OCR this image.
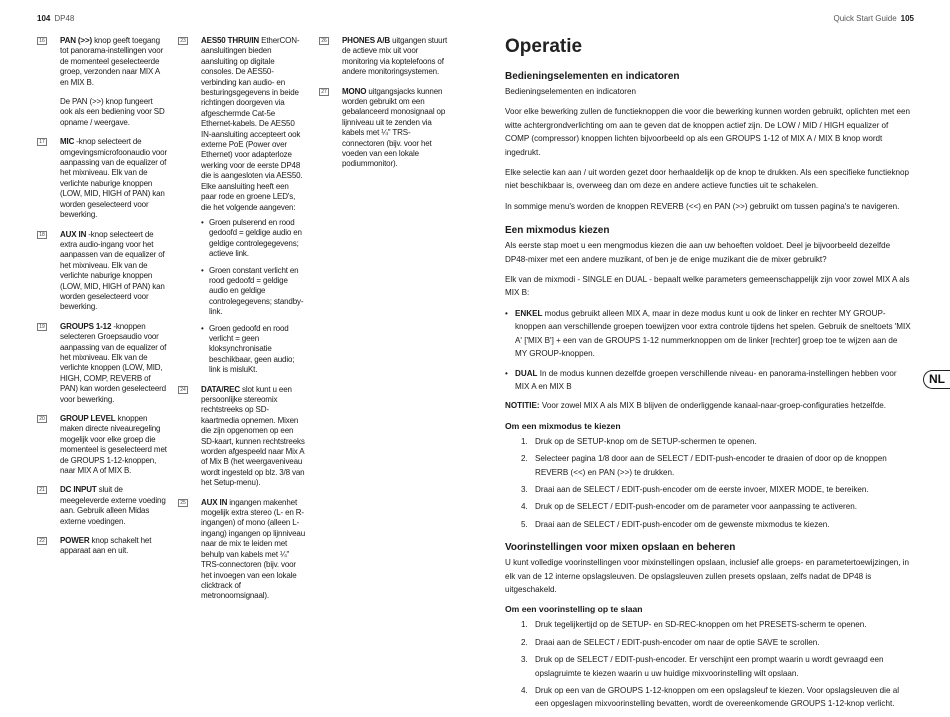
104 DP48	Quick Start Guide 105
16 PAN (>>) knop geeft toegang tot panorama-instellingen voor de momenteel geselecteerde groep, verzonden naar MIX A en MIX B.
De PAN (>>) knop fungeert ook als een bediening voor SD opname / weergave.
17 MIC -knop selecteert de omgevingsmicrofoonaudio voor aanpassing van de equalizer of het mixniveau. Elk van de verlichte naburige knoppen (LOW, MID, HIGH of PAN) kan worden geselecteerd voor bewerking.
18 AUX IN -knop selecteert de extra audio-ingang voor het aanpassen van de equalizer of het mixniveau. Elk van de verlichte naburige knoppen (LOW, MID, HIGH of PAN) kan worden geselecteerd voor bewerking.
19 GROUPS 1-12 -knoppen selecteren Groepsaudio voor aanpassing van de equalizer of het mixniveau. Elk van de verlichte knoppen (LOW, MID, HIGH, COMP, REVERB of PAN) kan worden geselecteerd voor bewerking.
20 GROUP LEVEL knoppen maken directe niveauregeling mogelijk voor elke groep die momenteel is geselecteerd met de GROUPS 1-12-knoppen, naar MIX A of MIX B.
21 DC INPUT sluit de meegeleverde externe voeding aan. Gebruik alleen Midas externe voedingen.
22 POWER knop schakelt het apparaat aan en uit.
23 AES50 THRU/IN EtherCON-aansluitingen bieden aansluiting op digitale consoles. De AES50-verbinding kan audio- en besturingsgegevens in beide richtingen doorgeven via afgeschermde Cat-5e Ethernet-kabels. De AES50 IN-aansluiting accepteert ook externe PoE (Power over Ethernet) voor adapterloze werking voor de eerste DP48 die is aangesloten via AES50. Elke aansluiting heeft een paar rode en groene LED's, die het volgende aangeven:
• Groen pulserend en rood gedoofd = geldige audio en geldige controlegegevens; actieve link.
• Groen constant verlicht en rood gedoofd = geldige audio en geldige controlegegevens; standby-link.
• Groen gedoofd en rood verlicht = geen kloksynchronisatie beschikbaar, geen audio; link is misluKt.
24 DATA/REC slot kunt u een persoonlijke stereomix rechtstreeks op SD-kaartmedia opnemen. Mixen die zijn opgenomen op een SD-kaart, kunnen rechtstreeks worden afgespeeld naar Mix A of Mix B (het weergaveniveau wordt ingesteld op blz. 3/8 van het Setup-menu).
25 AUX IN ingangen makenhet mogelijk extra stereo (L- en R-ingangen) of mono (alleen L-ingang) ingangen op lijnniveau naar de mix te leiden met behulp van kabels met ¼" TRS-connectoren (bijv. voor het invoegen van een lokale clicktrack of metronoomsignaal).
26 PHONES A/B uitgangen stuurt de actieve mix uit voor monitoring via koptelefoons of andere monitoringsystemen.
27 MONO uitgangsjacks kunnen worden gebruikt om een gebalanceerd monosignaal op lijnniveau uit te zenden via kabels met ¼" TRS-connectoren (bijv. voor het voeden van een lokale podiummonitor).
Operatie
Bedieningselementen en indicatoren

Bedieningselementen en indicatoren

Voor elke bewerking zullen de functieknoppen die voor die bewerking kunnen worden gebruikt, oplichten met een witte achtergrondverlichting om aan te geven dat de knoppen actief zijn. De LOW / MID / HIGH equalizer of COMP (compressor) knoppen lichten bijvoorbeeld op als een GROUPS 1-12 of MIX A / MIX B knop wordt ingedrukt.

Elke selectie kan aan / uit worden gezet door herhaaldelijk op de knop te drukken. Als een specifieke functieknop niet beschikbaar is, overweeg dan om deze en andere actieve functies uit te schakelen.

In sommige menu's worden de knoppen REVERB (<<) en PAN (>>) gebruikt om tussen pagina's te navigeren.

Een mixmodus kiezen

Als eerste stap moet u een mengmodus kiezen die aan uw behoeften voldoet. Deel je bijvoorbeeld dezelfde DP48-mixer met een andere muzikant, of ben je de enige muzikant die de mixer gebruikt?

Elk van de mixmodi - SINGLE en DUAL - bepaalt welke parameters gemeenschappelijk zijn voor zowel MIX A als MIX B:

• ENKEL modus gebruikt alleen MIX A, maar in deze modus kunt u ook de linker en rechter MY GROUP-knoppen aan verschillende groepen toewijzen voor extra controle tijdens het spelen. Gebruik de sneltoets 'MIX A' ['MIX B'] + een van de GROUPS 1-12 nummerknoppen om de linker [rechter] groep toe te wijzen aan de MY GROUP-knoppen.
• DUAL In de modus kunnen dezelfde groepen verschillende niveau- en panorama-instellingen hebben voor MIX A en MIX B

NOTITIE: Voor zowel MIX A als MIX B blijven de onderliggende kanaal-naar-groep-configuraties hetzelfde.

Om een mixmodus te kiezen
1. Druk op de SETUP-knop om de SETUP-schermen te openen.
2. Selecteer pagina 1/8 door aan de SELECT / EDIT-push-encoder te draaien of door op de knoppen REVERB (<<) en PAN (>>) te drukken.
3. Draai aan de SELECT / EDIT-push-encoder om de eerste invoer, MIXER MODE, te bereiken.
4. Druk op de SELECT / EDIT-push-encoder om de parameter voor aanpassing te activeren.
5. Draai aan de SELECT / EDIT-push-encoder om de gewenste mixmodus te kiezen.
Voorinstellingen voor mixen opslaan en beheren

U kunt volledige voorinstellingen voor mixinstellingen opslaan, inclusief alle groeps- en parametertoewijzingen, in elk van de 12 interne opslagsleuven. De opslagsleuven zullen presets opslaan, zelfs nadat de DP48 is uitgeschakeld.

Om een voorinstelling op te slaan
1. Druk tegelijkertijd op de SETUP- en SD-REC-knoppen om het PRESETS-scherm te openen.
2. Draai aan de SELECT / EDIT-push-encoder om naar de optie SAVE te scrollen.
3. Druk op de SELECT / EDIT-push-encoder. Er verschijnt een prompt waarin u wordt gevraagd een opslagruimte te kiezen waarin u uw huidige mixvoorinstelling wilt opslaan.
4. Druk op een van de GROUPS 1-12-knoppen om een opslagsleuf te kiezen. Voor opslagsleuven die al een opgeslagen mixvoorinstelling bevatten, wordt de overeenkomende GROUPS 1-12-knop verlicht.
NL
